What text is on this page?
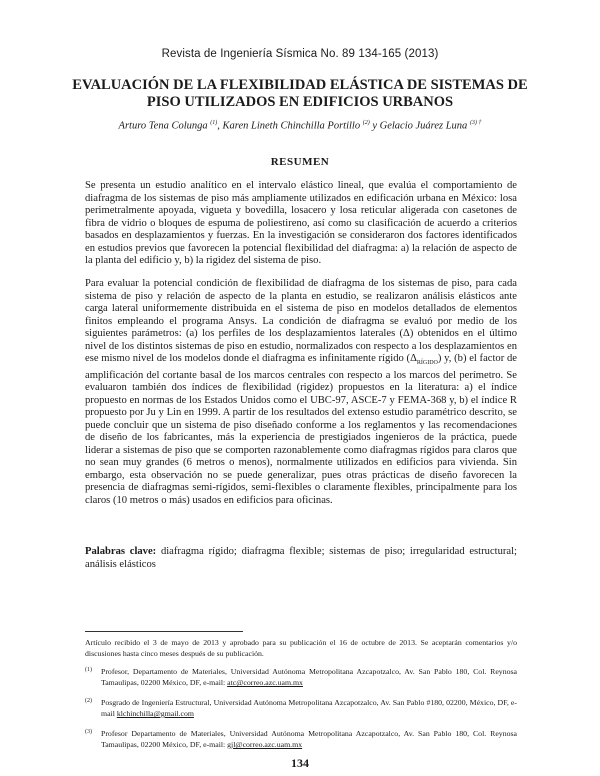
Revista de Ingeniería Sísmica No. 89 134-165 (2013)
EVALUACIÓN DE LA FLEXIBILIDAD ELÁSTICA DE SISTEMAS DE PISO UTILIZADOS EN EDIFICIOS URBANOS
Arturo Tena Colunga $^{(1)}$, Karen Lineth Chinchilla Portillo $^{(2)}$ y Gelacio Juárez Luna $^{(3) \dagger}$
RESUMEN
Se presenta un estudio analítico en el intervalo elástico lineal, que evalúa el comportamiento de diafragma de los sistemas de piso más ampliamente utilizados en edificación urbana en México: losa perimetralmente apoyada, vigueta y bovedilla, losacero y losa reticular aligerada con casetones de fibra de vidrio o bloques de espuma de poliestireno, así como su clasificación de acuerdo a criterios basados en desplazamientos y fuerzas. En la investigación se consideraron dos factores identificados en estudios previos que favorecen la potencial flexibilidad del diafragma: a) la relación de aspecto de la planta del edificio y, b) la rigidez del sistema de piso.
Para evaluar la potencial condición de flexibilidad de diafragma de los sistemas de piso, para cada sistema de piso y relación de aspecto de la planta en estudio, se realizaron análisis elásticos ante carga lateral uniformemente distribuida en el sistema de piso en modelos detallados de elementos finitos empleando el programa Ansys. La condición de diafragma se evaluó por medio de los siguientes parámetros: (a) los perfiles de los desplazamientos laterales (Δ) obtenidos en el último nivel de los distintos sistemas de piso en estudio, normalizados con respecto a los desplazamientos en ese mismo nivel de los modelos donde el diafragma es infinitamente rígido $(\Delta_{RÍGIDO})$ y, (b) el factor de amplificación del cortante basal de los marcos centrales con respecto a los marcos del perímetro. Se evaluaron también dos índices de flexibilidad (rigidez) propuestos en la literatura: a) el índice propuesto en normas de los Estados Unidos como el UBC-97, ASCE-7 y FEMA-368 y, b) el índice R propuesto por Ju y Lin en 1999. A partir de los resultados del extenso estudio paramétrico descrito, se puede concluir que un sistema de piso diseñado conforme a los reglamentos y las recomendaciones de diseño de los fabricantes, más la experiencia de prestigiados ingenieros de la práctica, puede liderar a sistemas de piso que se comporten razonablemente como diafragmas rígidos para claros que no sean muy grandes (6 metros o menos), normalmente utilizados en edificios para vivienda. Sin embargo, esta observación no se puede generalizar, pues otras prácticas de diseño favorecen la presencia de diafragmas semi-rígidos, semi-flexibles o claramente flexibles, principalmente para los claros (10 metros o más) usados en edificios para oficinas.
Palabras clave: diafragma rígido; diafragma flexible; sistemas de piso; irregularidad estructural; análisis elásticos
Artículo recibido el 3 de mayo de 2013 y aprobado para su publicación el 16 de octubre de 2013. Se aceptarán comentarios y/o discusiones hasta cinco meses después de su publicación.
(1) Profesor, Departamento de Materiales, Universidad Autónoma Metropolitana Azcapotzalco, Av. San Pablo 180, Col. Reynosa Tamaulipas, 02200 México, DF, e-mail: atc@correo.azc.uam.mx
(2) Posgrado de Ingeniería Estructural, Universidad Autónoma Metropolitana Azcapotzalco, Av. San Pablo #180, 02200, México, DF, e-mail klchinchilla@gmail.com
(3) Profesor Departamento de Materiales, Universidad Autónoma Metropolitana Azcapotzalco, Av. San Pablo 180, Col. Reynosa Tamaulipas, 02200 México, DF, e-mail: gjl@correo.azc.uam.mx
134
